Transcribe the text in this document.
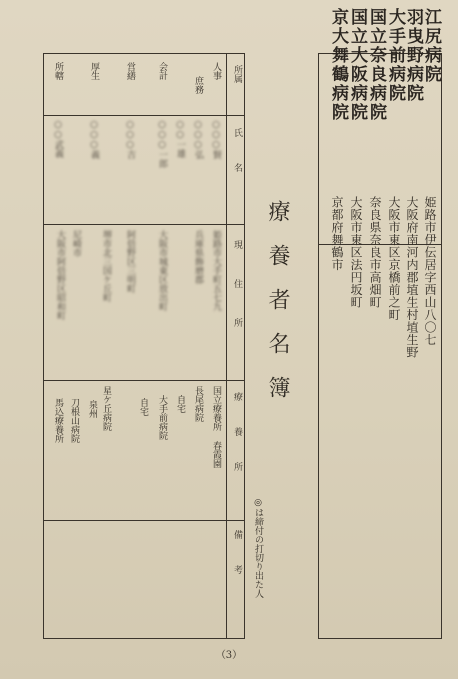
江尻病院
羽曳野病院
大手前病院
国立奈良病院
国立大阪病院
京大舞鶴病院
姫路市伊伝居字西山八〇七
大阪府南河内郡埴生村埴生野
大阪市東区京橋前之町
奈良県奈良市高畑町
大阪市東区法円坂町
京都府舞鶴市
療養者名簿
◎は締付の打切り出た人
所属
氏名
現住所
療養所
備考
人事
○○○賢
姫路市大手町五七九
国立療養所 春霞園
庶務
○○○弘
兵庫県飾磨郡
長尾病院
○○一雄
自宅
会計
○○○一郎
大阪市城東区放出町
大手前病院
営繕
○○○吉
阿倍野区三明町
自宅
厚生
○○○義
堺市北三国ケ丘町
星ケ丘病院
尼崎市
泉州
大阪市阿倍野区昭和町
刀根山病院
所轄
○○武義
馬込療養所
（3）
